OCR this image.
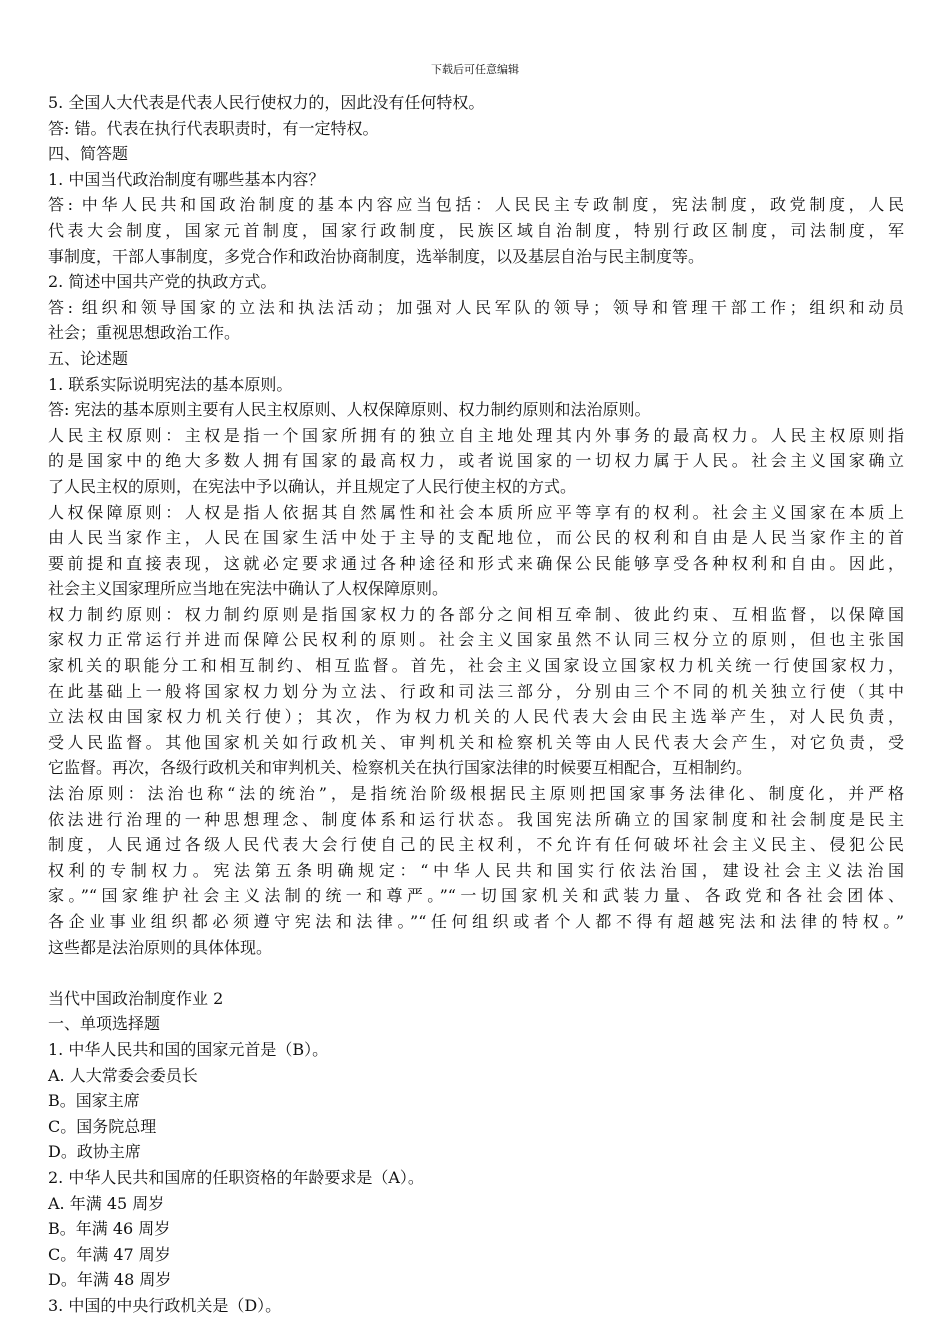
下载后可任意编辑

5. 全国人大代表是代表人民行使权力的，因此没有任何特权。

答: 错。代表在执行代表职责时，有一定特权。

四、简答题

1. 中国当代政治制度有哪些基本内容？

答: 中华人民共和国政治制度的基本内容应当包括：人民民主专政制度，宪法制度，政党制度，人民

代表大会制度，国家元首制度，国家行政制度，民族区域自治制度，特别行政区制度，司法制度，军

事制度，干部人事制度，多党合作和政治协商制度，选举制度，以及基层自治与民主制度等。

2. 简述中国共产党的执政方式。

答: 组织和领导国家的立法和执法活动；加强对人民军队的领导；领导和管理干部工作；组织和动员

社会；重视思想政治工作。

五、论述题

1. 联系实际说明宪法的基本原则。

答: 宪法的基本原则主要有人民主权原则、人权保障原则、权力制约原则和法治原则。

人民主权原则：主权是指一个国家所拥有的独立自主地处理其内外事务的最高权力。人民主权原则指

的是国家中的绝大多数人拥有国家的最高权力，或者说国家的一切权力属于人民。社会主义国家确立

了人民主权的原则，在宪法中予以确认，并且规定了人民行使主权的方式。

人权保障原则：人权是指人依据其自然属性和社会本质所应平等享有的权利。社会主义国家在本质上

由人民当家作主，人民在国家生活中处于主导的支配地位，而公民的权利和自由是人民当家作主的首

要前提和直接表现，这就必定要求通过各种途径和形式来确保公民能够享受各种权利和自由。因此，

社会主义国家理所应当地在宪法中确认了人权保障原则。

权力制约原则：权力制约原则是指国家权力的各部分之间相互牵制、彼此约束、互相监督，以保障国

家权力正常运行并进而保障公民权利的原则。社会主义国家虽然不认同三权分立的原则，但也主张国

家机关的职能分工和相互制约、相互监督。首先，社会主义国家设立国家权力机关统一行使国家权力，

在此基础上一般将国家权力划分为立法、行政和司法三部分，分别由三个不同的机关独立行使（其中

立法权由国家权力机关行使）；其次，作为权力机关的人民代表大会由民主选举产生，对人民负责，

受人民监督。其他国家机关如行政机关、审判机关和检察机关等由人民代表大会产生，对它负责，受

它监督。再次，各级行政机关和审判机关、检察机关在执行国家法律的时候要互相配合，互相制约。

法治原则：法治也称“法的统治”，是指统治阶级根据民主原则把国家事务法律化、制度化，并严格

依法进行治理的一种思想理念、制度体系和运行状态。我国宪法所确立的国家制度和社会制度是民主

制度，人民通过各级人民代表大会行使自己的民主权利，不允许有任何破坏社会主义民主、侵犯公民

权利的专制权力。宪法第五条明确规定：“中华人民共和国实行依法治国，建设社会主义法治国

家。”“国家维护社会主义法制的统一和尊严。”“一切国家机关和武装力量、各政党和各社会团体、

各企业事业组织都必须遵守宪法和法律。”“任何组织或者个人都不得有超越宪法和法律的特权。”

这些都是法治原则的具体体现。

当代中国政治制度作业 2

一、单项选择题

1. 中华人民共和国的国家元首是（B）。

A. 人大常委会委员长

B。国家主席

C。国务院总理

D。政协主席

2. 中华人民共和国席的任职资格的年龄要求是（A）。

A. 年满 45 周岁

B。年满 46 周岁

C。年满 47 周岁

D。年满 48 周岁

3. 中国的中央行政机关是（D）。
